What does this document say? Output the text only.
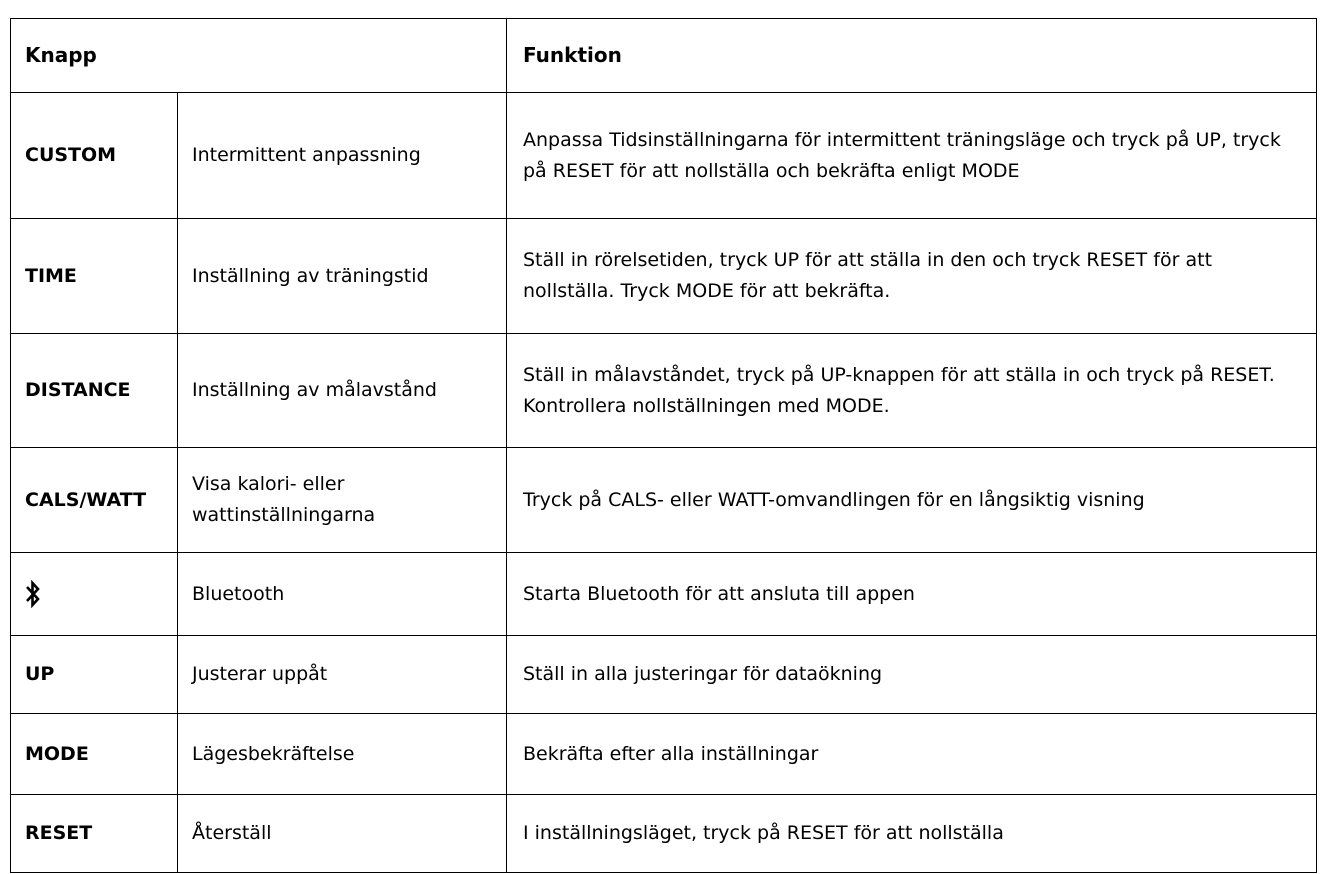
Knapp		Funktion
CUSTOM	Intermittent anpassning	Anpassa Tidsinställningarna för intermittent träningsläge och tryck på UP, tryck på RESET för att nollställa och bekräfta enligt MODE
TIME	Inställning av träningstid	Ställ in rörelsetiden, tryck UP för att ställa in den och tryck RESET för att nollställa. Tryck MODE för att bekräfta.
DISTANCE	Inställning av målavstånd	Ställ in målavståndet, tryck på UP-knappen för att ställa in och tryck på RESET. Kontrollera nollställningen med MODE.
CALS/WATT	Visa kalori- eller wattinställningarna	Tryck på CALS- eller WATT-omvandlingen för en långsiktig visning
	Bluetooth	Starta Bluetooth för att ansluta till appen
UP	Justerar uppåt	Ställ in alla justeringar för dataökning
MODE	Lägesbekräftelse	Bekräfta efter alla inställningar
RESET	Återställ	I inställningsläget, tryck på RESET för att nollställa
